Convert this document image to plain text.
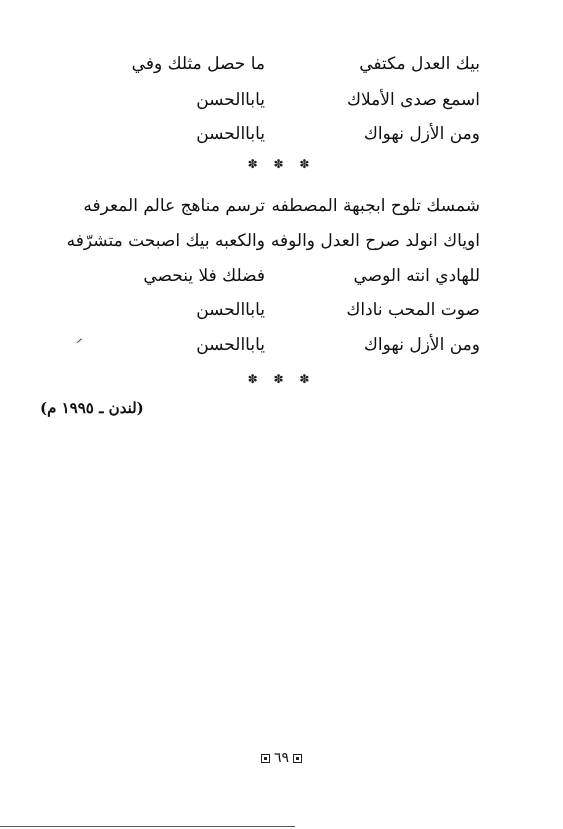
بيك العدل مكتفي
ما حصل مثلك وفي
اسمع صدى الأملاك
ياباالحسن
ومن الأزل نهواك
ياباالحسن
✽ ✽ ✽
شمسك تلوح ابجبهة المصطفه
ترسم مناهج عالم المعرفه
اوياك انولد صرح العدل والوفه
والكعبه بيك اصبحت متشرّفه
للهادي انته الوصي
فضلك فلا ينحصي
صوت المحب ناداك
ياباالحسن
ومن الأزل نهواك
ياباالحسن
✽ ✽ ✽
(لندن ـ ١٩٩٥ م)
٦٩
